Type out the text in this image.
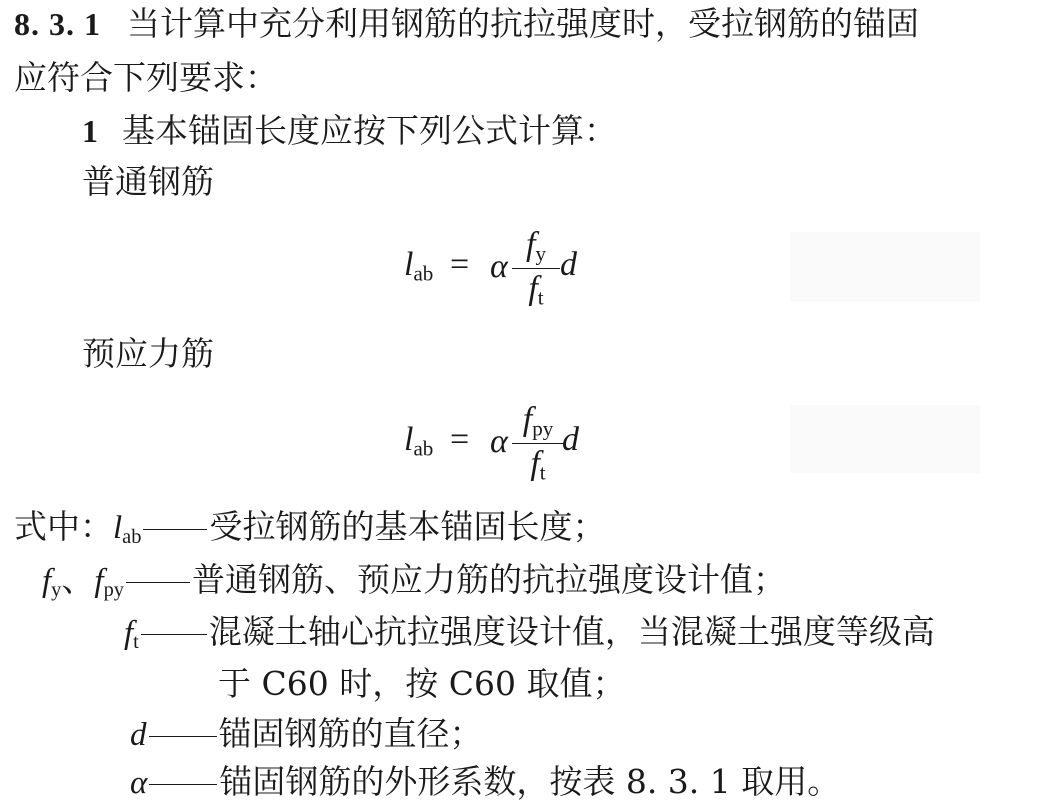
8. 3. 1 当计算中充分利用钢筋的抗拉强度时，受拉钢筋的锚固
应符合下列要求：
1 基本锚固长度应按下列公式计算：
普通钢筋
$l_{ab} = \alpha$
$f_y$
$f_t$
d
预应力筋
$l_{ab} = \alpha$
$f_{py}$
$f_t$
d
式中：$l_{ab}$ 受拉钢筋的基本锚固长度；
$f_y$、$f_{py}$ 普通钢筋、预应力筋的抗拉强度设计值；
$f_t$ 混凝土轴心抗拉强度设计值，当混凝土强度等级高
于 C60 时，按 C60 取值；
d 锚固钢筋的直径；
α 锚固钢筋的外形系数，按表 8. 3. 1 取用。
